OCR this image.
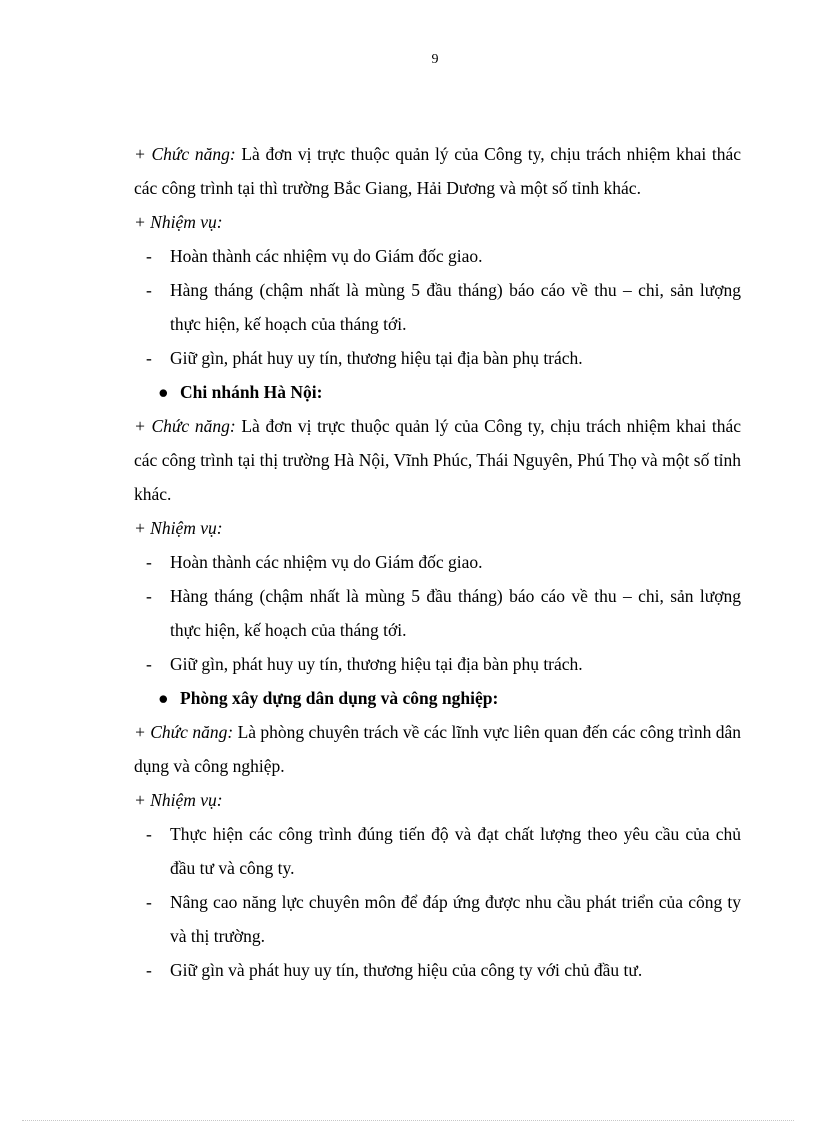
9

+ Chức năng: Là đơn vị trực thuộc quản lý của Công ty, chịu trách nhiệm khai thác các công trình tại thì trường Bắc Giang, Hải Dương và một số tỉnh khác.

+ Nhiệm vụ:

-	Hoàn thành các nhiệm vụ do Giám đốc giao.
-	Hàng tháng (chậm nhất là mùng 5 đầu tháng) báo cáo về thu – chi, sản lượng thực hiện, kế hoạch của tháng tới.
-	Giữ gìn, phát huy uy tín, thương hiệu tại địa bàn phụ trách.
● Chi nhánh Hà Nội:

+ Chức năng: Là đơn vị trực thuộc quản lý của Công ty, chịu trách nhiệm khai thác các công trình tại thị trường Hà Nội, Vĩnh Phúc, Thái Nguyên, Phú Thọ và một số tỉnh khác.

+ Nhiệm vụ:

-	Hoàn thành các nhiệm vụ do Giám đốc giao.
-	Hàng tháng (chậm nhất là mùng 5 đầu tháng) báo cáo về thu – chi, sản lượng thực hiện, kế hoạch của tháng tới.
-	Giữ gìn, phát huy uy tín, thương hiệu tại địa bàn phụ trách.
● Phòng xây dựng dân dụng và công nghiệp:

+ Chức năng: Là phòng chuyên trách về các lĩnh vực liên quan đến các công trình dân dụng và công nghiệp.

+ Nhiệm vụ:

-	Thực hiện các công trình đúng tiến độ và đạt chất lượng theo yêu cầu của chủ đầu tư và công ty.
-	Nâng cao năng lực chuyên môn để đáp ứng được nhu cầu phát triển của công ty và thị trường.
-	Giữ gìn và phát huy uy tín, thương hiệu của công ty với chủ đầu tư.
